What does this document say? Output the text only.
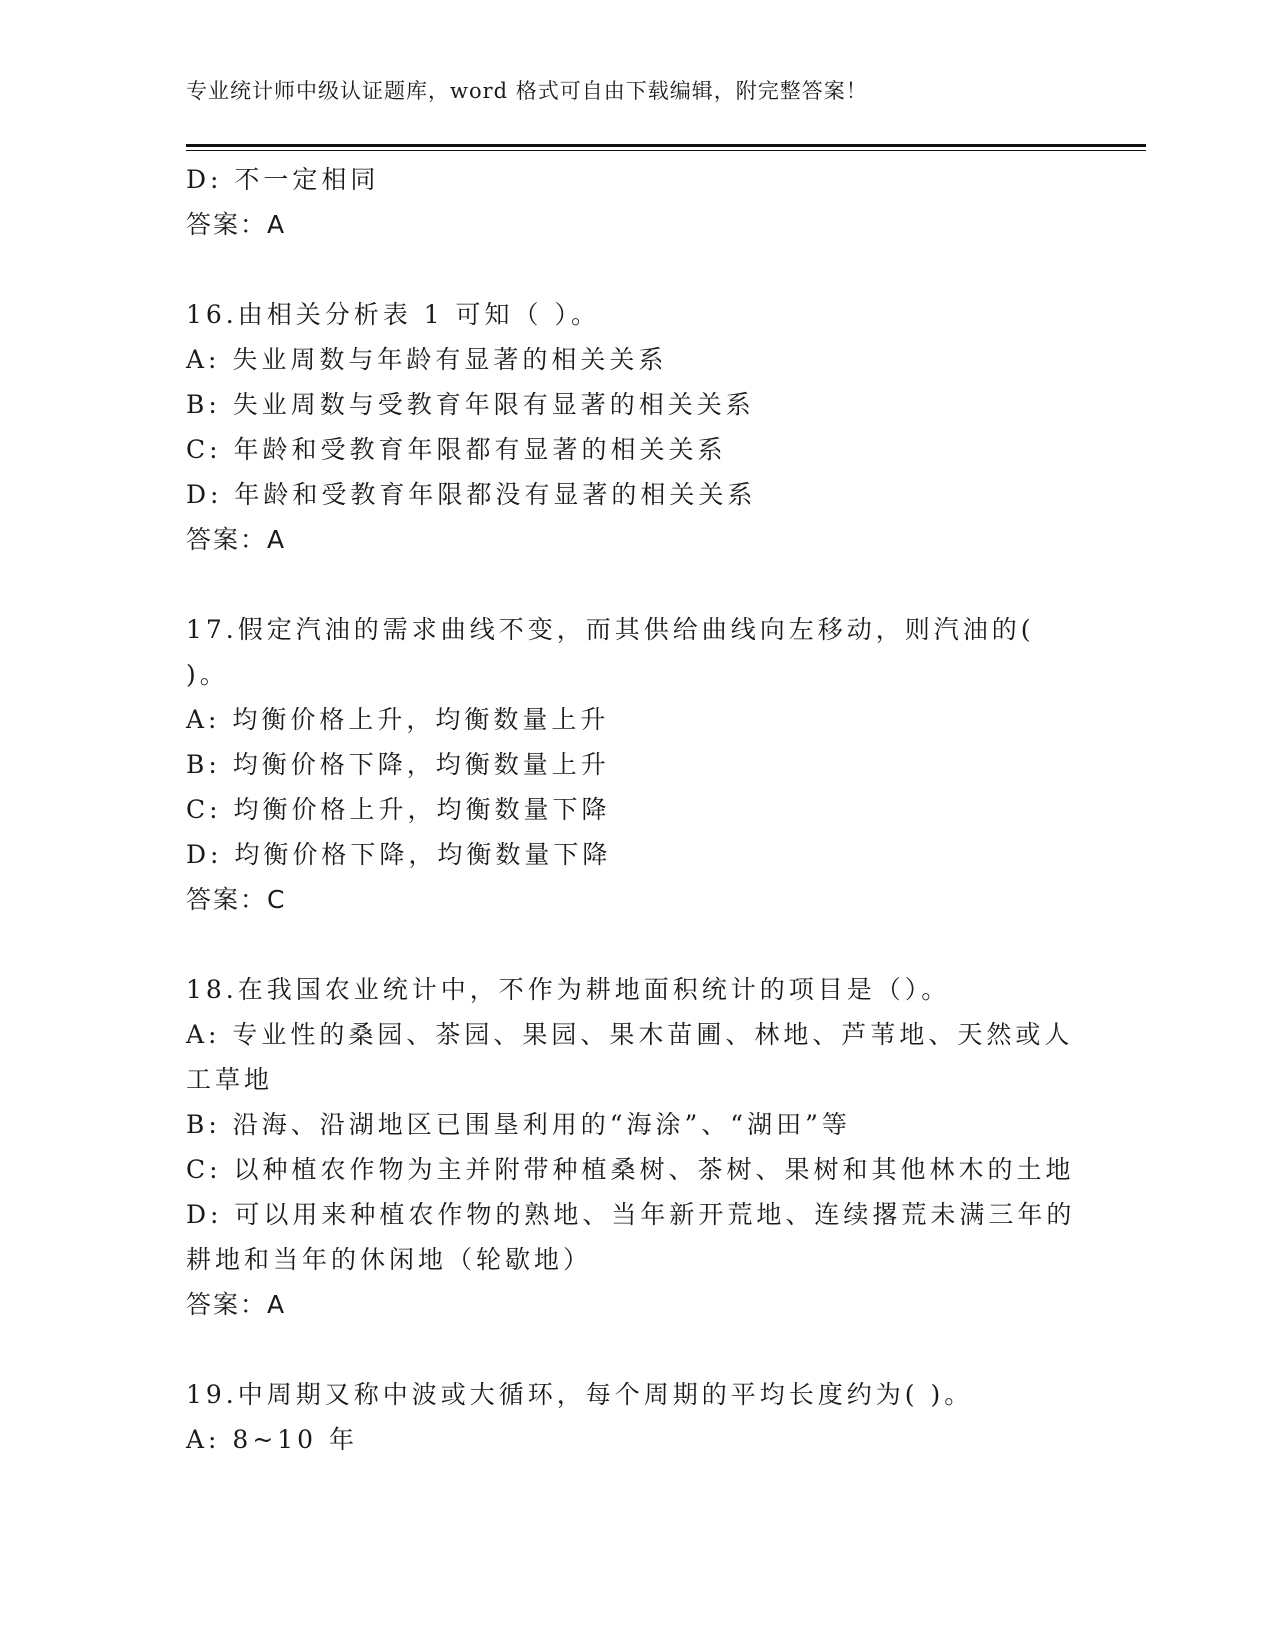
专业统计师中级认证题库，word 格式可自由下载编辑，附完整答案！
D: 不一定相同
答案：A
16.由相关分析表 1 可知（ ）。
A: 失业周数与年龄有显著的相关关系
B: 失业周数与受教育年限有显著的相关关系
C: 年龄和受教育年限都有显著的相关关系
D: 年龄和受教育年限都没有显著的相关关系
答案：A
17.假定汽油的需求曲线不变，而其供给曲线向左移动，则汽油的(
)。
A: 均衡价格上升，均衡数量上升
B: 均衡价格下降，均衡数量上升
C: 均衡价格上升，均衡数量下降
D: 均衡价格下降，均衡数量下降
答案：C
18.在我国农业统计中，不作为耕地面积统计的项目是（）。
A: 专业性的桑园、茶园、果园、果木苗圃、林地、芦苇地、天然或人
工草地
B: 沿海、沿湖地区已围垦利用的“海涂”、“湖田”等
C: 以种植农作物为主并附带种植桑树、茶树、果树和其他林木的土地
D: 可以用来种植农作物的熟地、当年新开荒地、连续撂荒未满三年的
耕地和当年的休闲地（轮歇地）
答案：A
19.中周期又称中波或大循环，每个周期的平均长度约为( )。
A: 8~10 年
